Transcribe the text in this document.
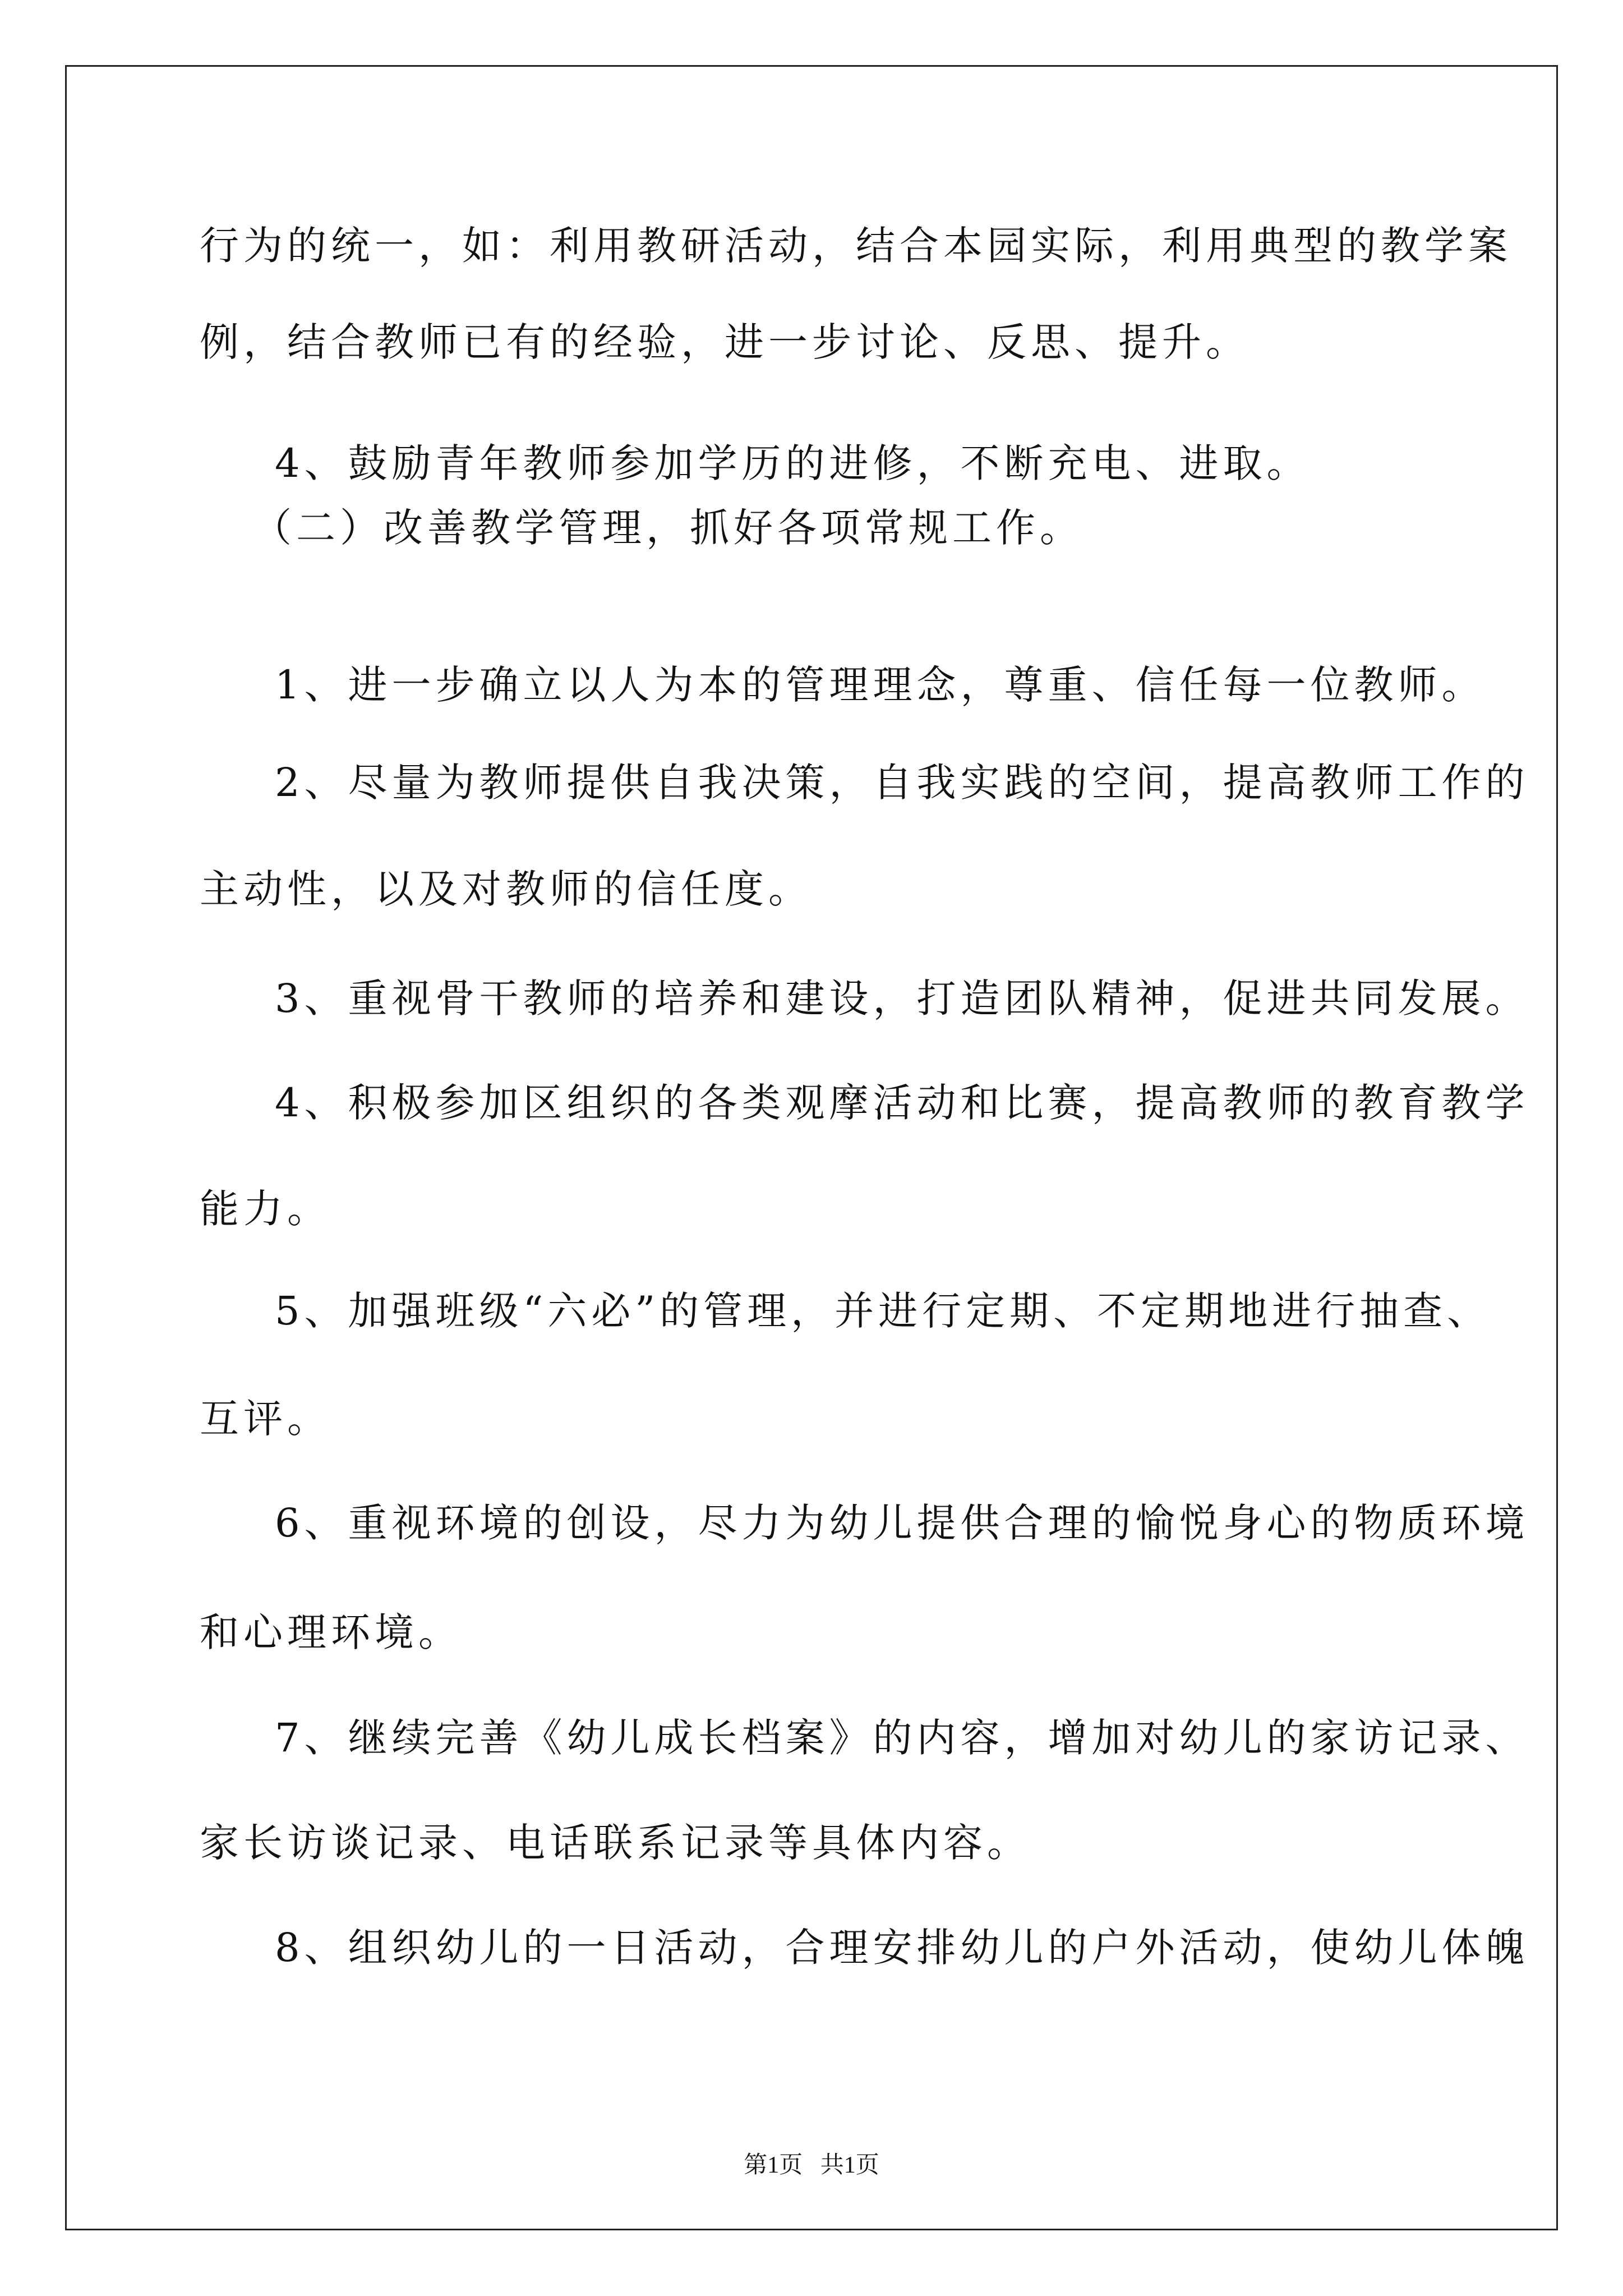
行为的统一，如：利用教研活动，结合本园实际，利用典型的教学案
例，结合教师已有的经验，进一步讨论、反思、提升。
4、鼓励青年教师参加学历的进修，不断充电、进取。
（二）改善教学管理，抓好各项常规工作。
1、进一步确立以人为本的管理理念，尊重、信任每一位教师。
2、尽量为教师提供自我决策，自我实践的空间，提高教师工作的
主动性，以及对教师的信任度。
3、重视骨干教师的培养和建设，打造团队精神，促进共同发展。
4、积极参加区组织的各类观摩活动和比赛，提高教师的教育教学
能力。
5、加强班级“六必”的管理，并进行定期、不定期地进行抽查、
互评。
6、重视环境的创设，尽力为幼儿提供合理的愉悦身心的物质环境
和心理环境。
7、继续完善《幼儿成长档案》的内容，增加对幼儿的家访记录、
家长访谈记录、电话联系记录等具体内容。
8、组织幼儿的一日活动，合理安排幼儿的户外活动，使幼儿体魄
第1页   共1页
